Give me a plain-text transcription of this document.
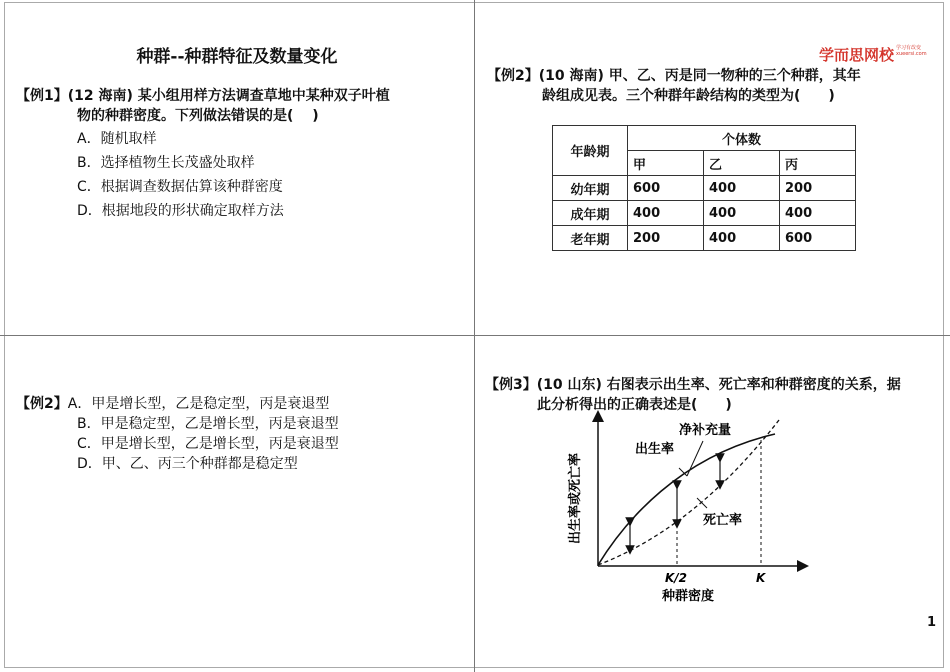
种群--种群特征及数量变化
【例1】(12 海南) 某小组用样方法调查草地中某种双子叶植
物的种群密度。下列做法错误的是(　 )
A．随机取样
B．选择植物生长茂盛处取样
C．根据调查数据估算该种群密度
D．根据地段的形状确定取样方法
学而思网校 学习有改变
xueersi.com
【例2】(10 海南) 甲、乙、丙是同一物种的三个种群，其年
龄组成见表。三个种群年龄结构的类型为(　　)
年龄期	个体数		
	甲	乙	丙
幼年期	600	400	200
成年期	400	400	400
老年期	200	400	600
【例2】A．甲是增长型，乙是稳定型，丙是衰退型
B．甲是稳定型，乙是增长型，丙是衰退型
C．甲是增长型，乙是增长型，丙是衰退型
D．甲、乙、丙三个种群都是稳定型
【例3】(10 山东) 右图表示出生率、死亡率和种群密度的关系，据
此分析得出的正确表述是(　　)
出生率
净补充量
死亡率
K/2	K
种群密度
出生率或死亡率
1
